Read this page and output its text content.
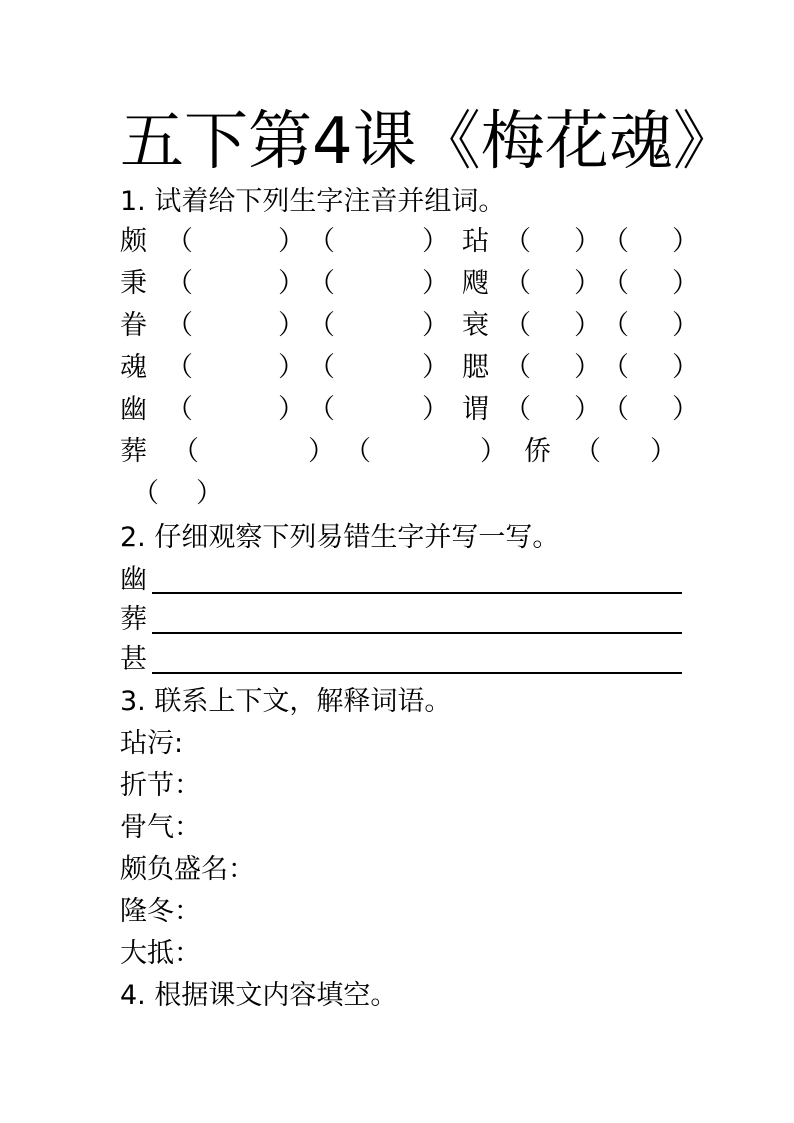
五下第4课《梅花魂》
1. 试着给下列生字注音并组词。
颇 （	） （	） 玷 （ ） （ ）
秉 （	） （	） 飕 （ ） （ ）
眷 （	） （	） 衰 （ ） （ ）
魂 （	） （	） 腮 （ ） （ ）
幽 （	） （	） 谓 （ ） （ ）
葬 （	） （	） 侨 （ ）
（ ）
2. 仔细观察下列易错生字并写一写。
幽
葬
甚
3. 联系上下文，解释词语。
玷污:
折节：
骨气：
颇负盛名：
隆冬：
大抵：
4. 根据课文内容填空。
